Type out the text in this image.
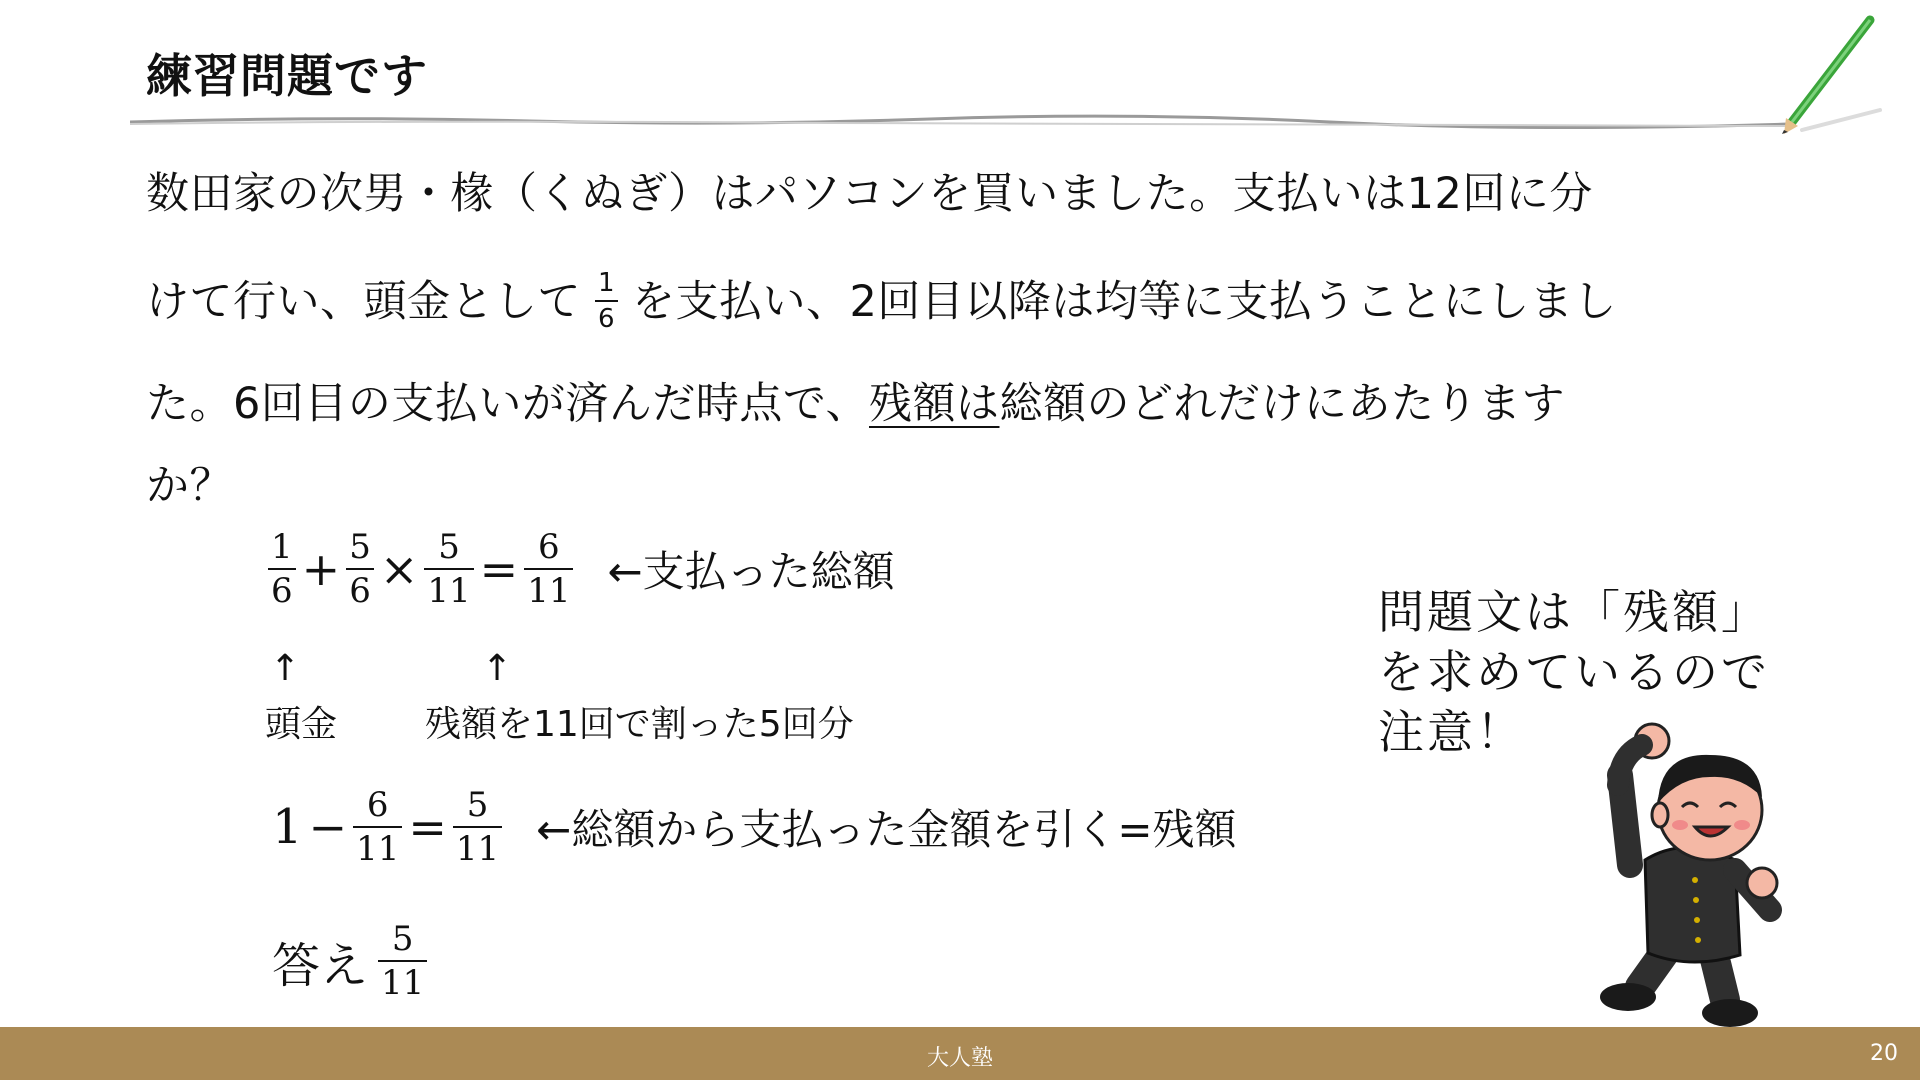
練習問題です
数田家の次男・椽（くぬぎ）はパソコンを買いました。支払いは12回に分
けて行い、頭金として $\frac{1}{6}$ を支払い、2回目以降は均等に支払うことにしまし
た。6回目の支払いが済んだ時点で、残額は総額のどれだけにあたります
か？
$\frac{1}{6} + \frac{5}{6} \times \frac{5}{11} = \frac{6}{11}$ ←支払った総額
↑	↑
頭金 残額を11回で割った5回分
$1 - \frac{6}{11} = \frac{5}{11}$ ←総額から支払った金額を引く=残額
答え $\frac{5}{11}$
問題文は「残額」
を求めているので
注意！
大人塾	20
